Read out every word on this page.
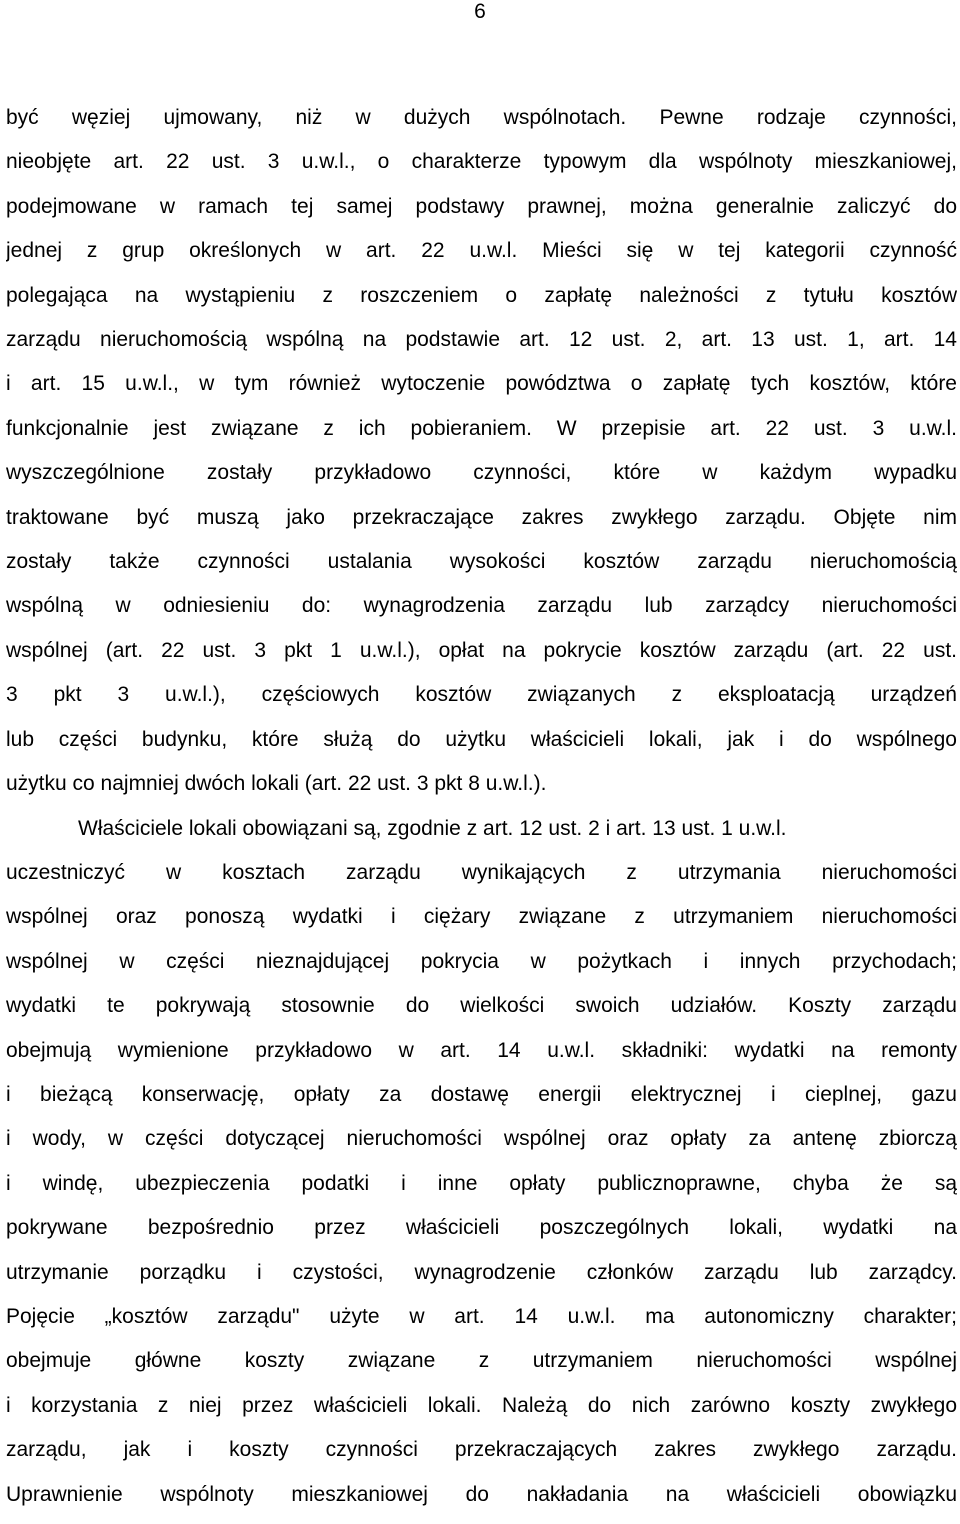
6
być węziej ujmowany, niż w dużych wspólnotach. Pewne rodzaje czynności,
nieobjęte art. 22 ust. 3 u.w.l., o charakterze typowym dla wspólnoty mieszkaniowej,
podejmowane w ramach tej samej podstawy prawnej, można generalnie zaliczyć do
jednej z grup określonych w art. 22 u.w.l. Mieści się w tej kategorii czynność
polegająca na wystąpieniu z roszczeniem o zapłatę należności z tytułu kosztów
zarządu nieruchomością wspólną na podstawie art. 12 ust. 2, art. 13 ust. 1, art. 14
i art. 15 u.w.l., w tym również wytoczenie powództwa o zapłatę tych kosztów, które
funkcjonalnie jest związane z ich pobieraniem. W przepisie art. 22 ust. 3 u.w.l.
wyszczególnione zostały przykładowo czynności, które w każdym wypadku
traktowane być muszą jako przekraczające zakres zwykłego zarządu. Objęte nim
zostały także czynności ustalania wysokości kosztów zarządu nieruchomością
wspólną w odniesieniu do: wynagrodzenia zarządu lub zarządcy nieruchomości
wspólnej (art. 22 ust. 3 pkt 1 u.w.l.), opłat na pokrycie kosztów zarządu (art. 22 ust.
3 pkt 3 u.w.l.), częściowych kosztów związanych z eksploatacją urządzeń
lub części budynku, które służą do użytku właścicieli lokali, jak i do wspólnego
użytku co najmniej dwóch lokali (art. 22 ust. 3 pkt 8 u.w.l.).
Właściciele lokali obowiązani są, zgodnie z art. 12 ust. 2 i art. 13 ust. 1 u.w.l.
uczestniczyć w kosztach zarządu wynikających z utrzymania nieruchomości
wspólnej oraz ponoszą wydatki i ciężary związane z utrzymaniem nieruchomości
wspólnej w części nieznajdującej pokrycia w pożytkach i innych przychodach;
wydatki te pokrywają stosownie do wielkości swoich udziałów. Koszty zarządu
obejmują wymienione przykładowo w art. 14 u.w.l. składniki: wydatki na remonty
i bieżącą konserwację, opłaty za dostawę energii elektrycznej i cieplnej, gazu
i wody, w części dotyczącej nieruchomości wspólnej oraz opłaty za antenę zbiorczą
i windę, ubezpieczenia podatki i inne opłaty publicznoprawne, chyba że są
pokrywane bezpośrednio przez właścicieli poszczególnych lokali, wydatki na
utrzymanie porządku i czystości, wynagrodzenie członków zarządu lub zarządcy.
Pojęcie „kosztów zarządu" użyte w art. 14 u.w.l. ma autonomiczny charakter;
obejmuje główne koszty związane z utrzymaniem nieruchomości wspólnej
i korzystania z niej przez właścicieli lokali. Należą do nich zarówno koszty zwykłego
zarządu, jak i koszty czynności przekraczających zakres zwykłego zarządu.
Uprawnienie wspólnoty mieszkaniowej do nakładania na właścicieli obowiązku
